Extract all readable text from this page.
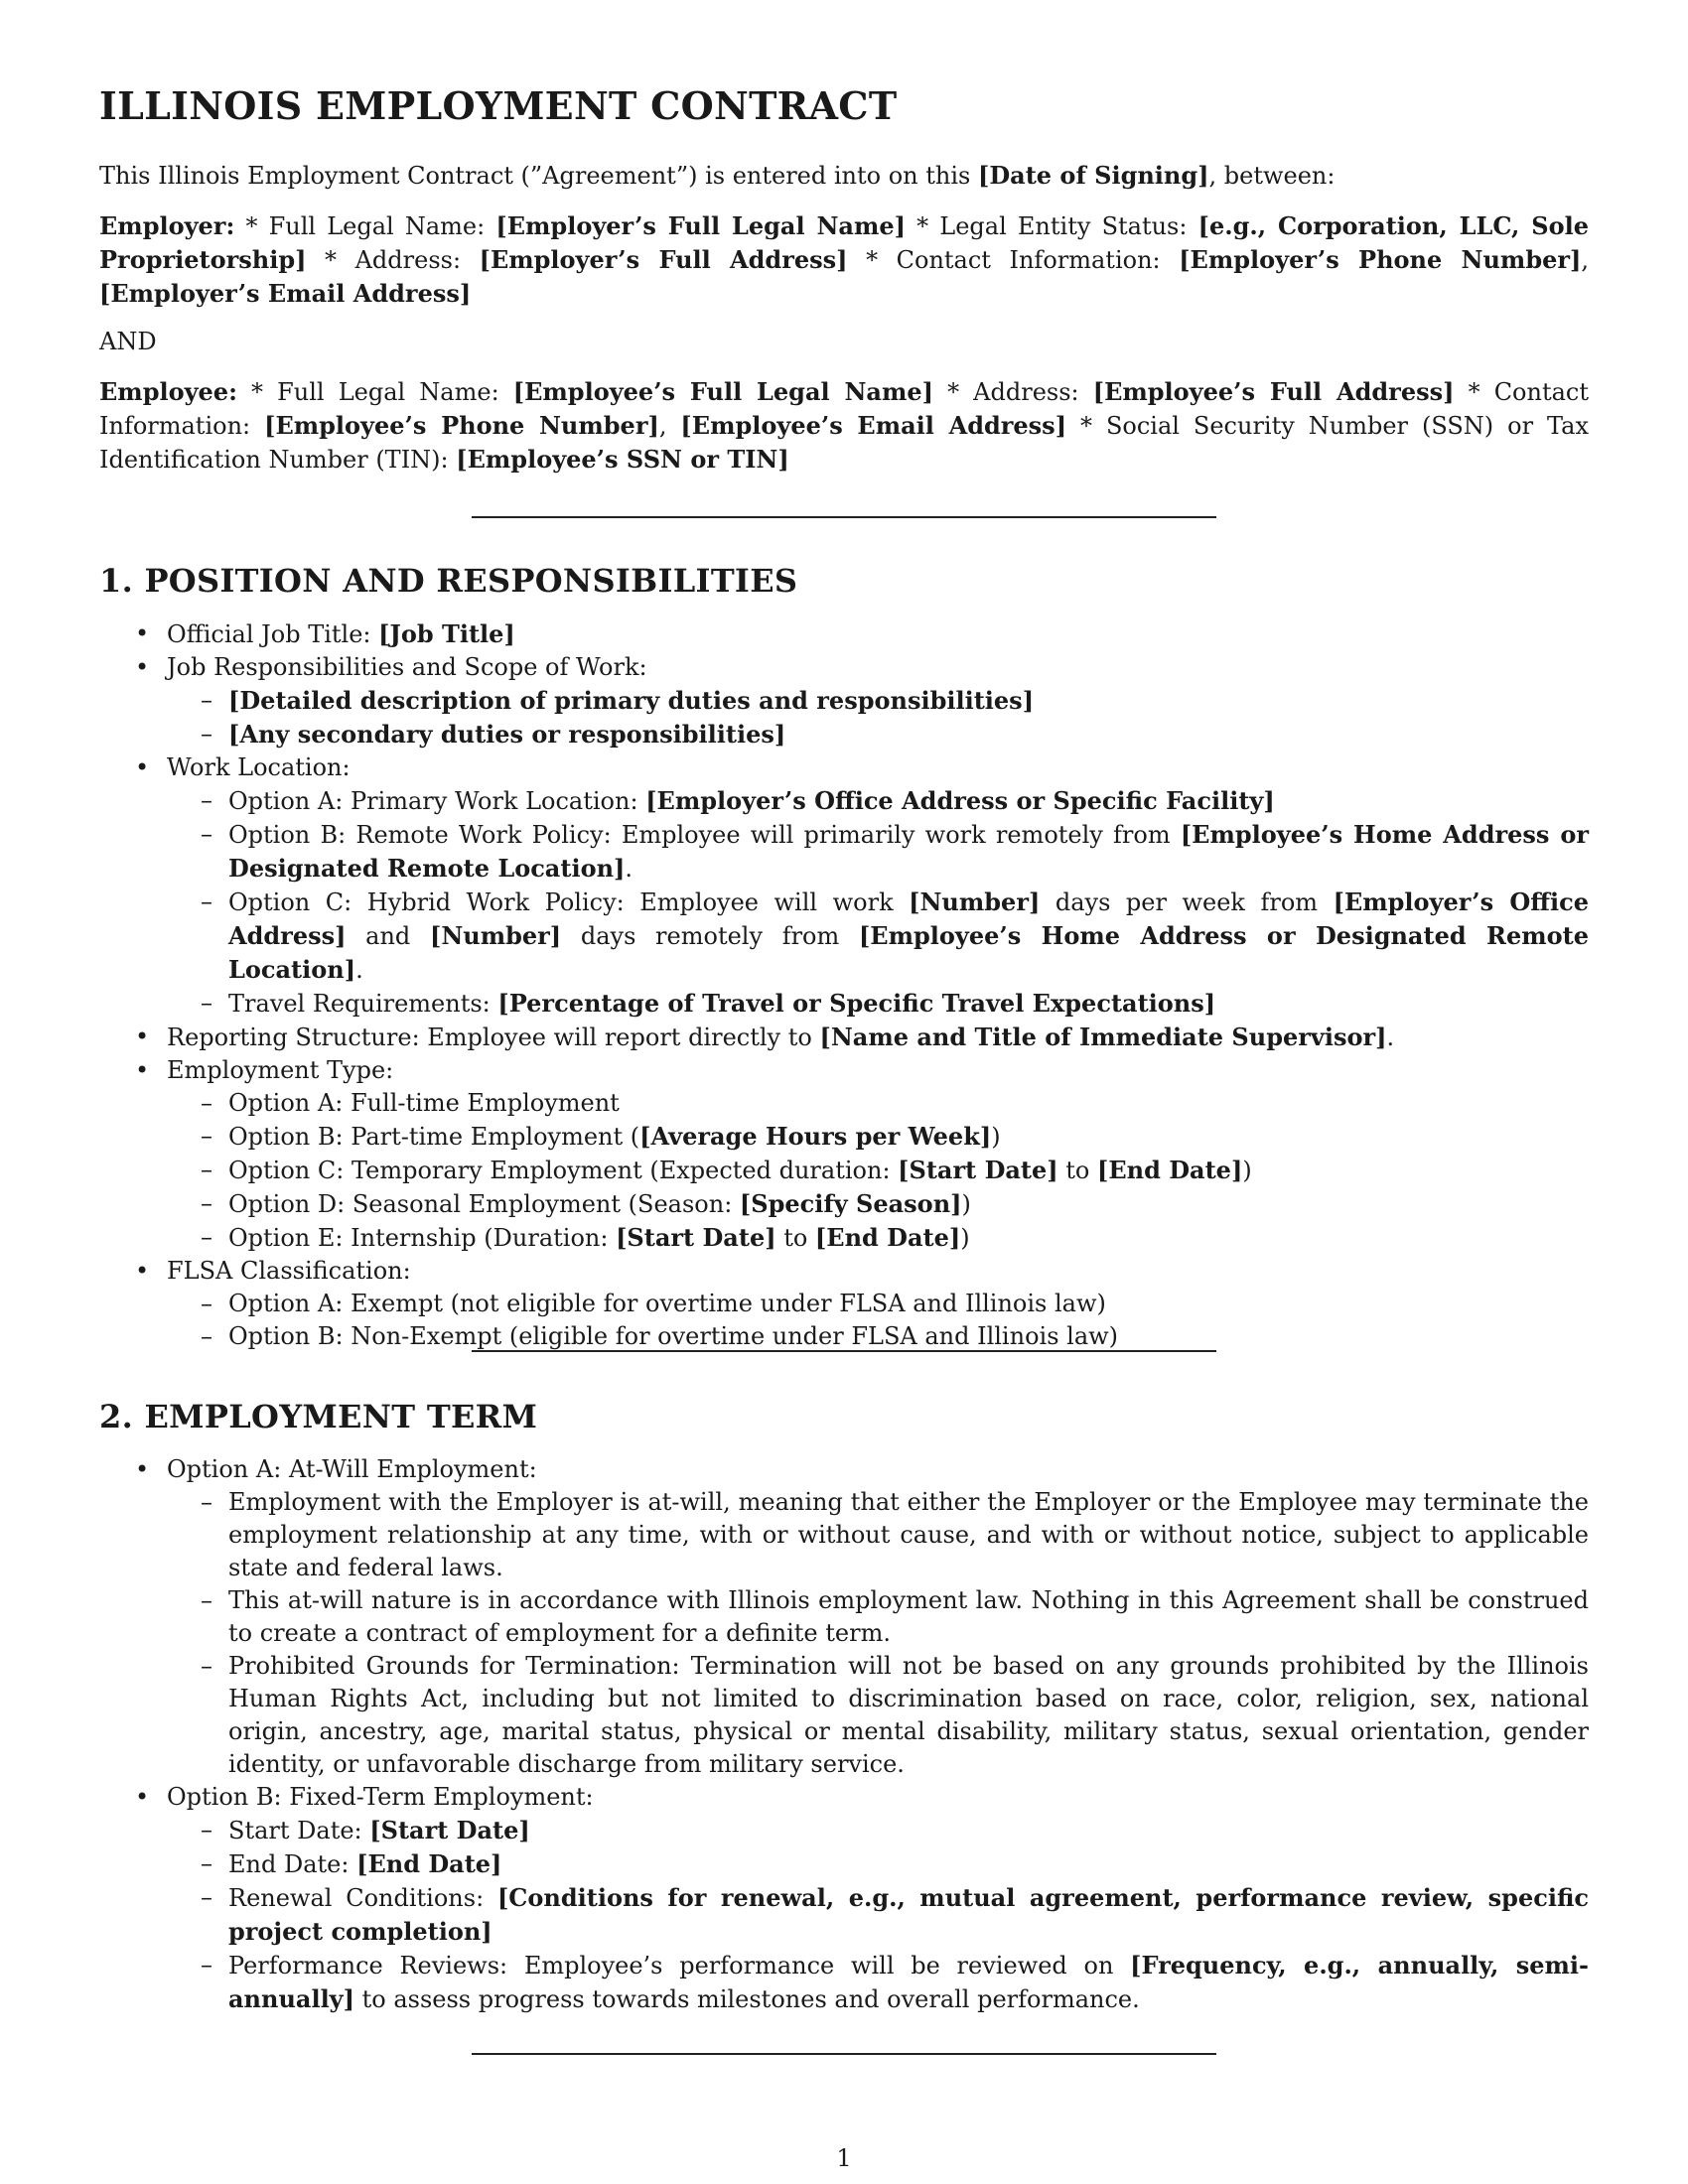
ILLINOIS EMPLOYMENT CONTRACT

This Illinois Employment Contract (”Agreement”) is entered into on this [Date of Signing], between:

Employer: * Full Legal Name: [Employer’s Full Legal Name] * Legal Entity Status: [e.g., Corporation, LLC, Sole Proprietorship] * Address: [Employer’s Full Address] * Contact Information: [Employer’s Phone Number], [Employer’s Email Address]

AND

Employee: * Full Legal Name: [Employee’s Full Legal Name] * Address: [Employee’s Full Address] * Contact Information: [Employee’s Phone Number], [Employee’s Email Address] * Social Security Number (SSN) or Tax Identification Number (TIN): [Employee’s SSN or TIN]

1. POSITION AND RESPONSIBILITIES
• Official Job Title: [Job Title]
• Job Responsibilities and Scope of Work:
– [Detailed description of primary duties and responsibilities]
– [Any secondary duties or responsibilities]
• Work Location:
– Option A: Primary Work Location: [Employer’s Office Address or Specific Facility]
– Option B: Remote Work Policy: Employee will primarily work remotely from [Employee’s Home Address or Designated Remote Location].
– Option C: Hybrid Work Policy: Employee will work [Number] days per week from [Employer’s Office Address] and [Number] days remotely from [Employee’s Home Address or Designated Remote Location].
– Travel Requirements: [Percentage of Travel or Specific Travel Expectations]
• Reporting Structure: Employee will report directly to [Name and Title of Immediate Supervisor].
• Employment Type:
– Option A: Full-time Employment
– Option B: Part-time Employment ([Average Hours per Week])
– Option C: Temporary Employment (Expected duration: [Start Date] to [End Date])
– Option D: Seasonal Employment (Season: [Specify Season])
– Option E: Internship (Duration: [Start Date] to [End Date])
• FLSA Classification:
– Option A: Exempt (not eligible for overtime under FLSA and Illinois law)
– Option B: Non-Exempt (eligible for overtime under FLSA and Illinois law)
2. EMPLOYMENT TERM
• Option A: At-Will Employment:
– Employment with the Employer is at-will, meaning that either the Employer or the Employee may terminate the employment relationship at any time, with or without cause, and with or without notice, subject to applicable state and federal laws.
– This at-will nature is in accordance with Illinois employment law. Nothing in this Agreement shall be construed to create a contract of employment for a definite term.
– Prohibited Grounds for Termination: Termination will not be based on any grounds prohibited by the Illinois Human Rights Act, including but not limited to discrimination based on race, color, religion, sex, national origin, ancestry, age, marital status, physical or mental disability, military status, sexual orientation, gender identity, or unfavorable discharge from military service.
• Option B: Fixed-Term Employment:
– Start Date: [Start Date]
– End Date: [End Date]
– Renewal Conditions: [Conditions for renewal, e.g., mutual agreement, performance review, specific project completion]
– Performance Reviews: Employee’s performance will be reviewed on [Frequency, e.g., annually, semi-annually] to assess progress towards milestones and overall performance.
1
